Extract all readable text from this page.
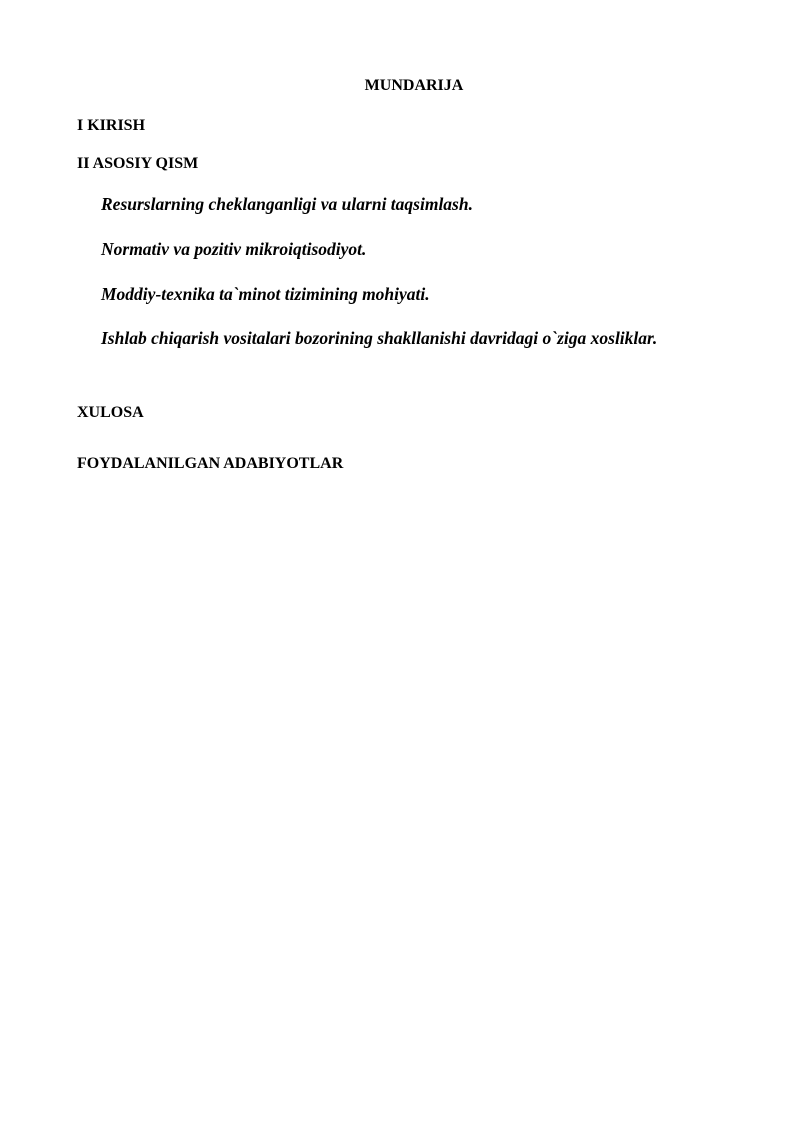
MUNDARIJA
I KIRISH
II ASOSIY QISM
Resurslarning cheklanganligi va ularni taqsimlash.
Normativ va pozitiv mikroiqtisodiyot.
Moddiy-texnika ta`minot tizimining mohiyati.
Ishlab chiqarish vositalari bozorining shakllanishi davridagi o`ziga xosliklar.
XULOSA
FOYDALANILGAN ADABIYOTLAR
